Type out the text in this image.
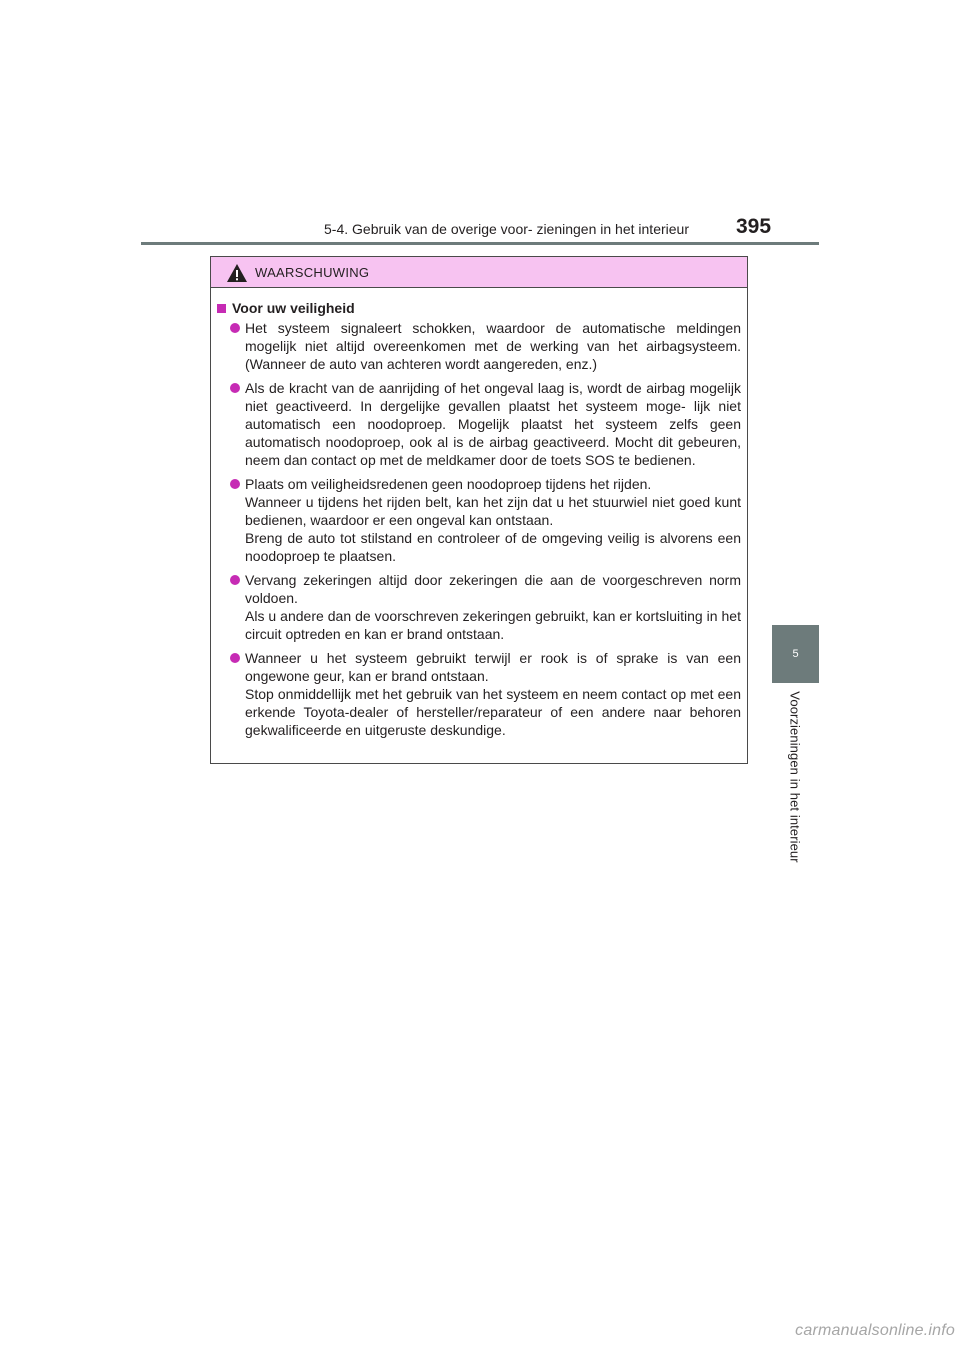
5-4. Gebruik van de overige voor- zieningen in het interieur	395
5
Voorzieningen in het interieur
WAARSCHUWING
Voor uw veiligheid

Het systeem signaleert schokken, waardoor de automatische meldingen mogelijk niet altijd overeenkomen met de werking van het airbagsysteem. (Wanneer de auto van achteren wordt aangereden, enz.)

Als de kracht van de aanrijding of het ongeval laag is, wordt de airbag mogelijk niet geactiveerd. In dergelijke gevallen plaatst het systeem moge- lijk niet automatisch een noodoproep. Mogelijk plaatst het systeem zelfs geen automatisch noodoproep, ook al is de airbag geactiveerd. Mocht dit gebeuren, neem dan contact op met de meldkamer door de toets SOS te bedienen.

Plaats om veiligheidsredenen geen noodoproep tijdens het rijden.

Wanneer u tijdens het rijden belt, kan het zijn dat u het stuurwiel niet goed kunt bedienen, waardoor er een ongeval kan ontstaan.

Breng de auto tot stilstand en controleer of de omgeving veilig is alvorens een noodoproep te plaatsen.

Vervang zekeringen altijd door zekeringen die aan de voorgeschreven norm voldoen.

Als u andere dan de voorschreven zekeringen gebruikt, kan er kortsluiting in het circuit optreden en kan er brand ontstaan.

Wanneer u het systeem gebruikt terwijl er rook is of sprake is van een ongewone geur, kan er brand ontstaan.

Stop onmiddellijk met het gebruik van het systeem en neem contact op met een erkende Toyota-dealer of hersteller/reparateur of een andere naar behoren gekwalificeerde en uitgeruste deskundige.

carmanualsonline.info
